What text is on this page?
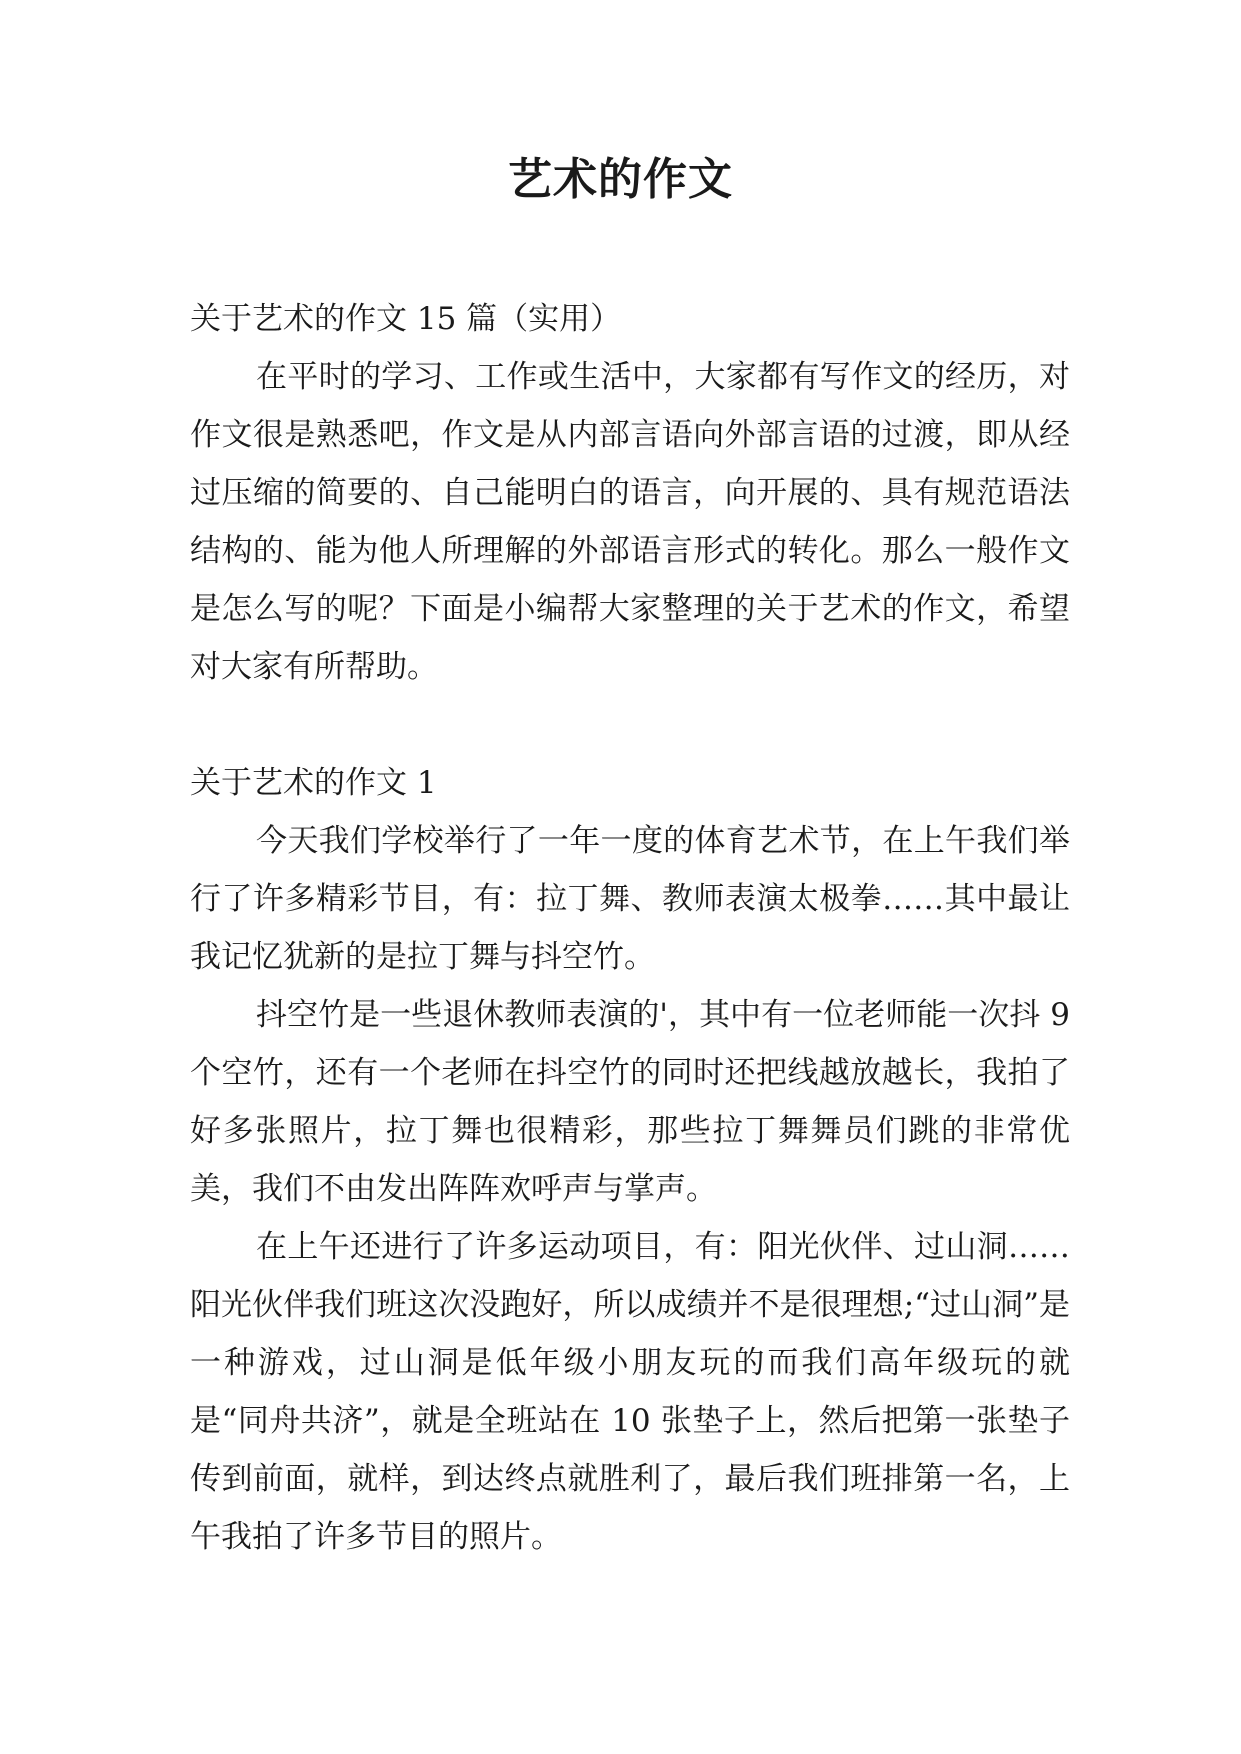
艺术的作文

关于艺术的作文 15 篇（实用）

在平时的学习、工作或生活中，大家都有写作文的经历，对作文很是熟悉吧，作文是从内部言语向外部言语的过渡，即从经过压缩的简要的、自己能明白的语言，向开展的、具有规范语法结构的、能为他人所理解的外部语言形式的转化。那么一般作文是怎么写的呢？下面是小编帮大家整理的关于艺术的作文，希望对大家有所帮助。

关于艺术的作文 1

今天我们学校举行了一年一度的体育艺术节，在上午我们举行了许多精彩节目，有：拉丁舞、教师表演太极拳……其中最让我记忆犹新的是拉丁舞与抖空竹。

抖空竹是一些退休教师表演的'，其中有一位老师能一次抖 9 个空竹，还有一个老师在抖空竹的同时还把线越放越长，我拍了好多张照片，拉丁舞也很精彩，那些拉丁舞舞员们跳的非常优美，我们不由发出阵阵欢呼声与掌声。

在上午还进行了许多运动项目，有：阳光伙伴、过山洞……阳光伙伴我们班这次没跑好，所以成绩并不是很理想;“过山洞”是一种游戏，过山洞是低年级小朋友玩的而我们高年级玩的就是“同舟共济”，就是全班站在 10 张垫子上，然后把第一张垫子传到前面，就样，到达终点就胜利了，最后我们班排第一名，上午我拍了许多节目的照片。
